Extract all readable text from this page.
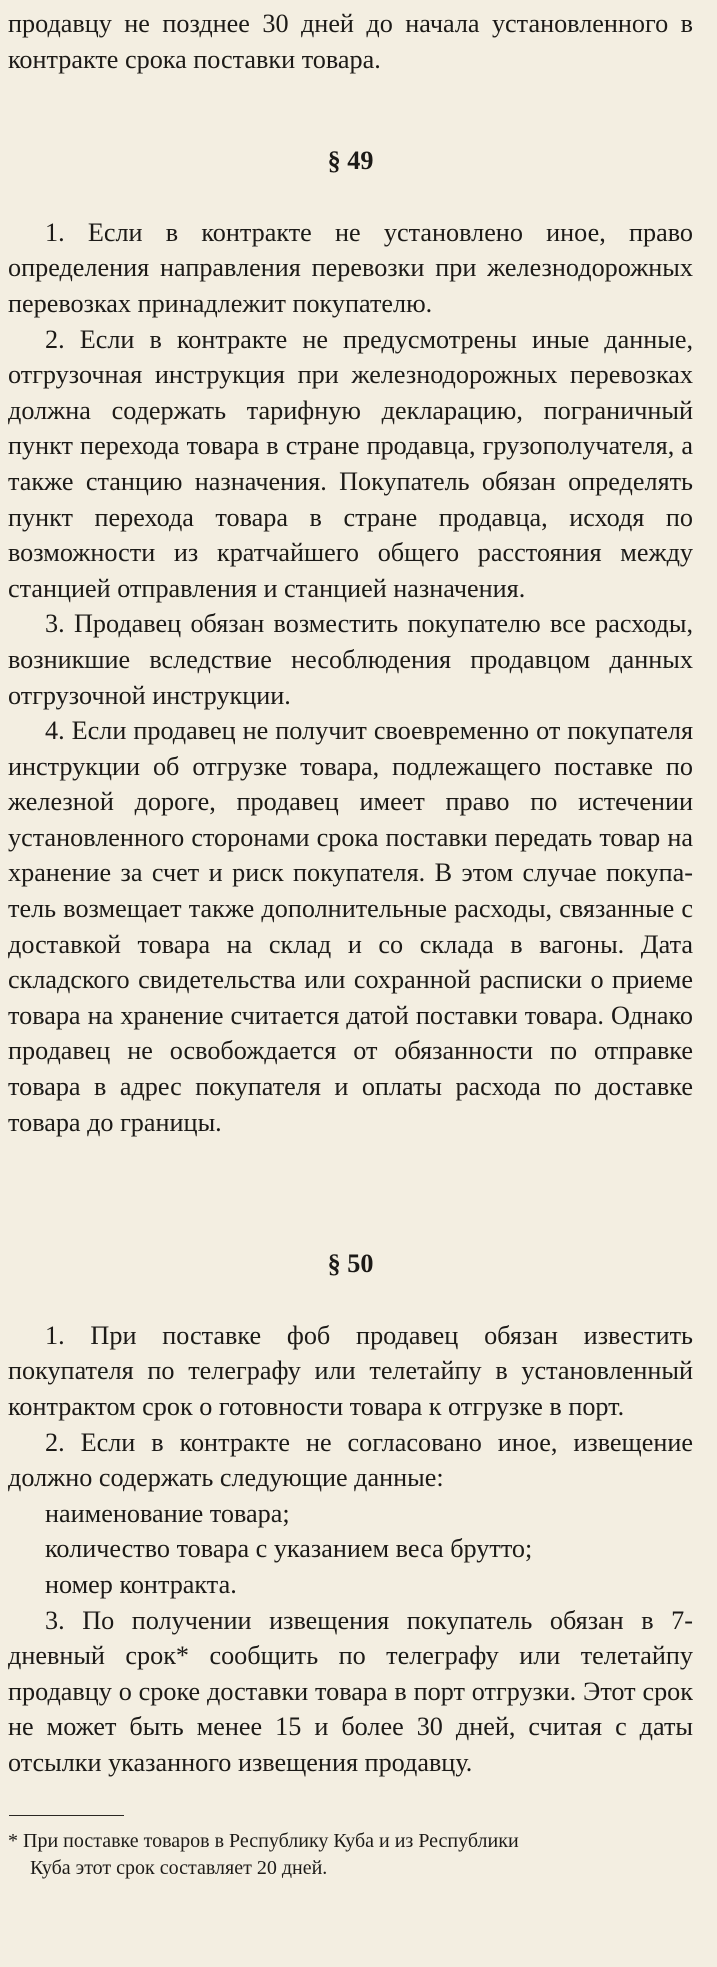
продавцу не позднее 30 дней до начала установленного в контракте срока поставки товара.

§ 49

1. Если в контракте не установлено иное, право определения направления перевозки при железнодорожных перевозках принадлежит покупателю.

2. Если в контракте не предусмотрены иные данные, отгрузочная инструкция при железнодорожных перевозках должна содержать тарифную декларацию, пограничный пункт перехода товара в стране продавца, грузополучателя, а также станцию назначения. Покупатель обязан определять пункт перехода товара в стране продавца, исходя по возможности из кратчайшего общего расстояния между станцией отправления и станцией назначения.

3. Продавец обязан возместить покупателю все расходы, возникшие вследствие несоблюдения продавцом данных отгрузочной инструкции.

4. Если продавец не получит своевременно от покупателя инструкции об отгрузке товара, подлежащего поставке по железной дороге, продавец имеет право по истечении установленного сторонами срока поставки передать товар на хранение за счет и риск покупателя. В этом случае покупатель возмещает также дополнительные расходы, связанные с доставкой товара на склад и со склада в вагоны. Дата складского свидетельства или сохранной расписки о приеме товара на хранение считается датой поставки товара. Однако продавец не освобождается от обязанности по отправке товара в адрес покупателя и оплаты расхода по доставке товара до границы.

§ 50

1. При поставке фоб продавец обязан известить покупателя по телеграфу или телетайпу в установленный контрактом срок о готовности товара к отгрузке в порт.

2. Если в контракте не согласовано иное, извещение должно содержать следующие данные:

наименование товара;

количество товара с указанием веса брутто;

номер контракта.

3. По получении извещения покупатель обязан в 7-дневный срок* сообщить по телеграфу или телетайпу продавцу о сроке доставки товара в порт отгрузки. Этот срок не может быть менее 15 и более 30 дней, считая с даты отсылки указанного извещения продавцу.

* При поставке товаров в Республику Куба и из Республики
Куба этот срок составляет 20 дней.
